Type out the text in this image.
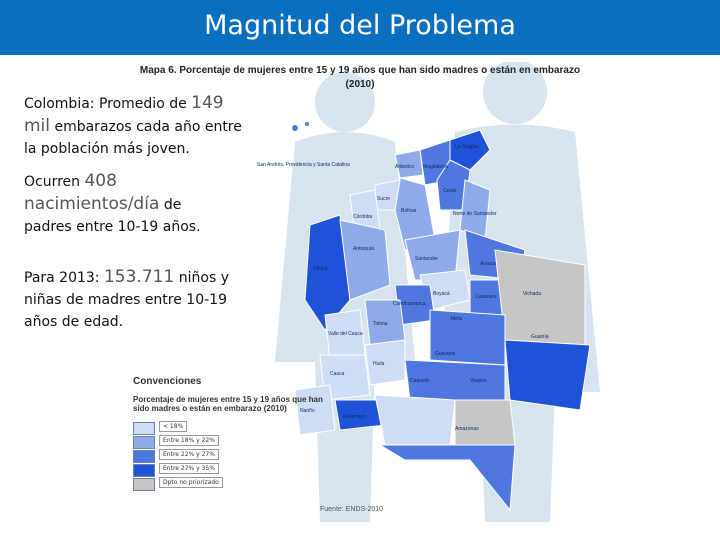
Magnitud del Problema
Mapa 6. Porcentaje de mujeres entre 15 y 19 años que han sido madres o están en embarazo
(2010)
San Andrés, Providencia y Santa Catalina
Vichada
Guainía
Vaupés
Amazonas
Meta
Guaviare
Caquetá
Casanare
Arauca
Antioquia
Córdoba
Sucre
Bolívar
Cesar
Norte de Santander
Santander
Boyacá
Cundinamarca
Tolima
Huila
Cauca
Nariño
Putumayo
Valle del Cauca
Chocó
La Guajira
Magdalena
Atlántico
Colombia: Promedio de 149 mil embarazos cada año entre la población más joven.
Ocurren 408 nacimientos/día de padres entre 10-19 años.
Para 2013: 153.711 niños y niñas de madres entre 10-19 años de edad.
Convenciones
Porcentaje de mujeres entre 15 y 19 años que han sido madres o están en embarazo (2010)
< 18%
Entre 18% y 22%
Entre 22% y 27%
Entre 27% y 35%
Dpto no priorizado
Fuente: ENDS-2010
